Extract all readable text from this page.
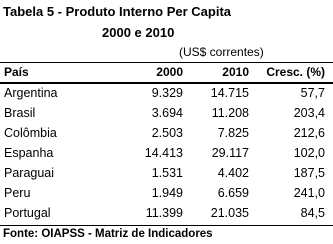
Tabela 5 - Produto Interno Per Capita
2000 e 2010
(US$ correntes)
País	2000	2010 Cresc. (%)
Argentina	9.329 14.715	57,7
Brasil	3.694 11.208	203,4
Colômbia	2.503	7.825	212,6
Espanha	14.413 29.117	102,0
Paraguai	1.531	4.402	187,5
Peru	1.949	6.659	241,0
Portugal	11.399 21.035	84,5
Fonte: OIAPSS - Matriz de Indicadores
